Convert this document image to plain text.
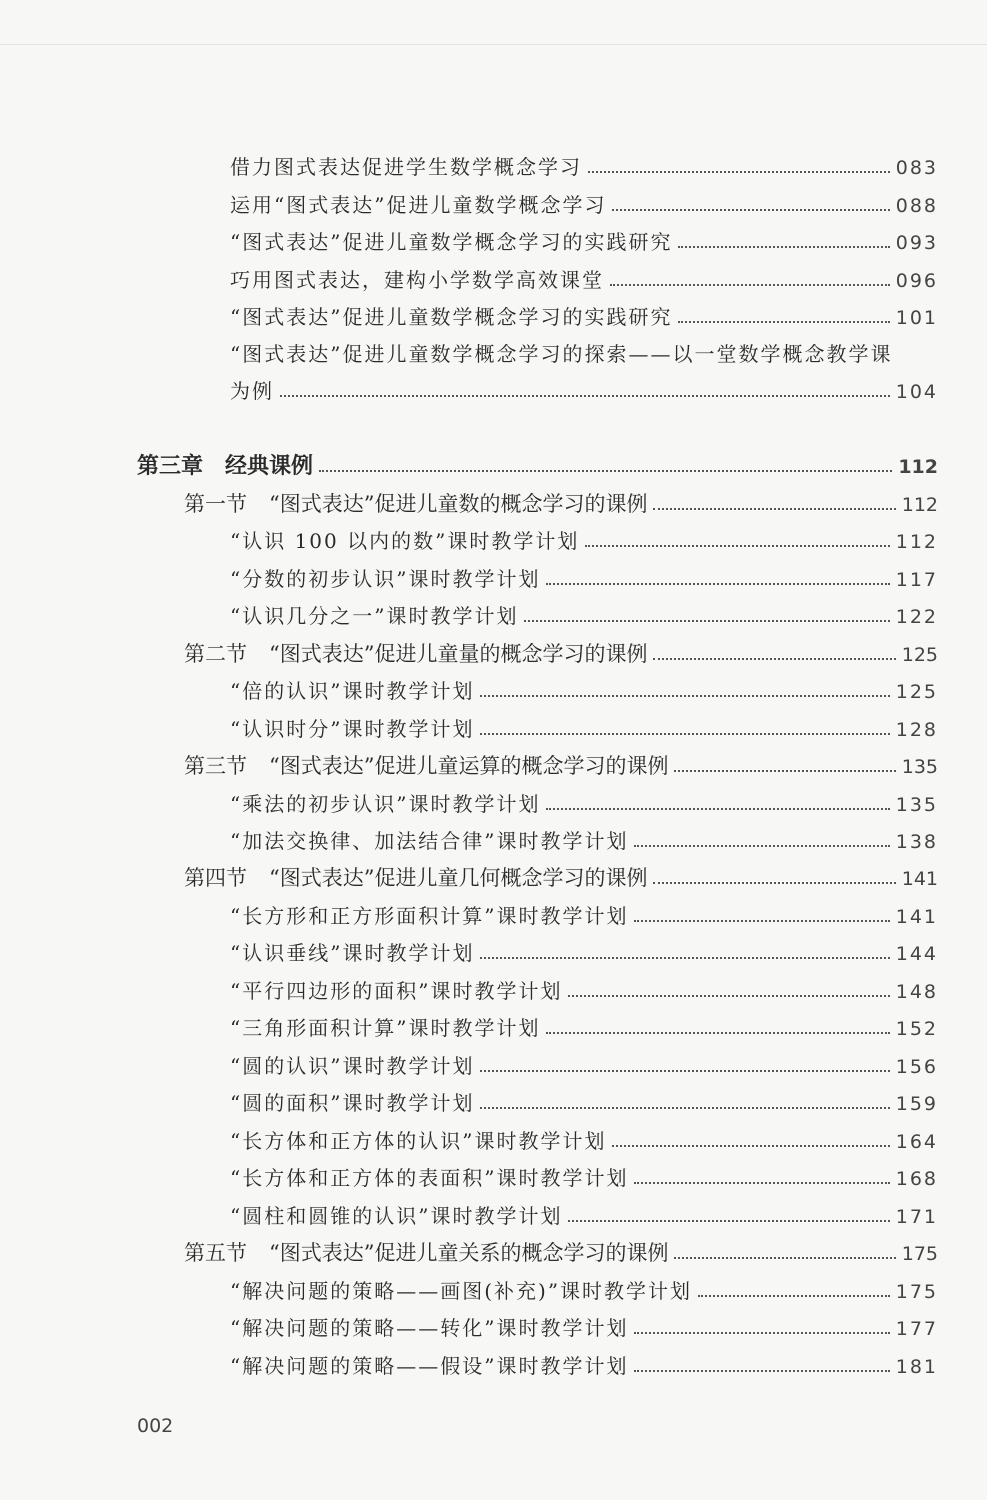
借力图式表达促进学生数学概念学习	083
运用“图式表达”促进儿童数学概念学习	088
“图式表达”促进儿童数学概念学习的实践研究	093
巧用图式表达，建构小学数学高效课堂	096
“图式表达”促进儿童数学概念学习的实践研究	101
“图式表达”促进儿童数学概念学习的探索——以一堂数学概念教学课
为例	104
第三章 经典课例	112
第一节 “图式表达”促进儿童数的概念学习的课例	112
“认识 100 以内的数”课时教学计划	112
“分数的初步认识”课时教学计划	117
“认识几分之一”课时教学计划	122
第二节 “图式表达”促进儿童量的概念学习的课例	125
“倍的认识”课时教学计划	125
“认识时分”课时教学计划	128
第三节 “图式表达”促进儿童运算的概念学习的课例	135
“乘法的初步认识”课时教学计划	135
“加法交换律、加法结合律”课时教学计划	138
第四节 “图式表达”促进儿童几何概念学习的课例	141
“长方形和正方形面积计算”课时教学计划	141
“认识垂线”课时教学计划	144
“平行四边形的面积”课时教学计划	148
“三角形面积计算”课时教学计划	152
“圆的认识”课时教学计划	156
“圆的面积”课时教学计划	159
“长方体和正方体的认识”课时教学计划	164
“长方体和正方体的表面积”课时教学计划	168
“圆柱和圆锥的认识”课时教学计划	171
第五节 “图式表达”促进儿童关系的概念学习的课例	175
“解决问题的策略——画图(补充)”课时教学计划	175
“解决问题的策略——转化”课时教学计划	177
“解决问题的策略——假设”课时教学计划	181
002
